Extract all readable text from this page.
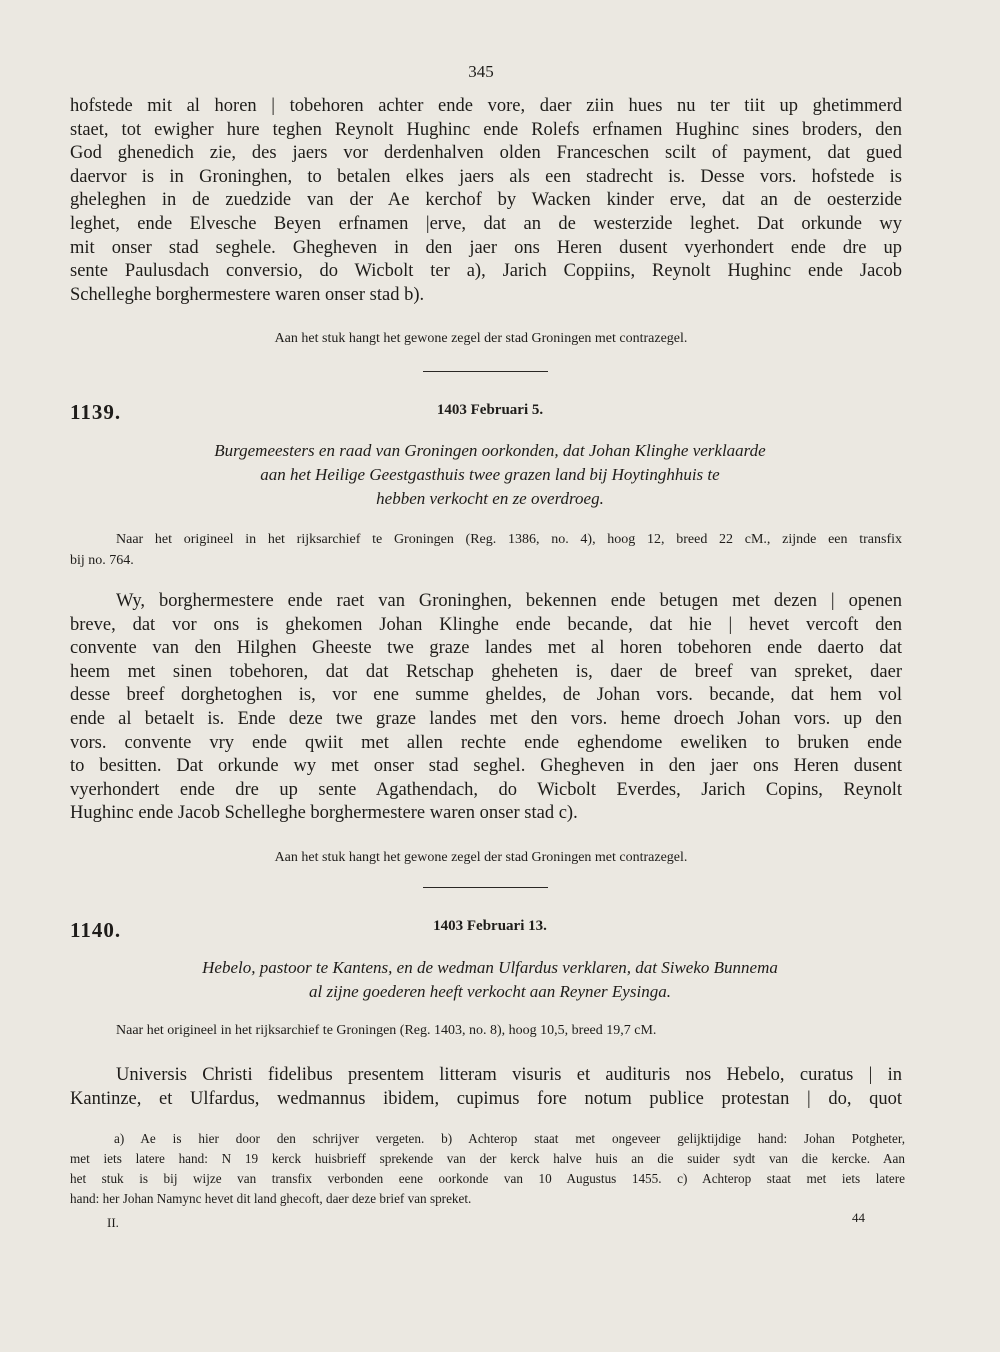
345
hofstede mit al horen | tobehoren achter ende vore, daer ziin hues nu ter tiit up ghetimmerd
staet, tot ewigher hure teghen Reynolt Hughinc ende Rolefs erfnamen Hughinc sines broders, den
God ghenedich zie, des jaers vor derdenhalven olden Franceschen scilt of payment, dat gued
daervor is in Groninghen, to betalen elkes jaers als een stadrecht is. Desse vors. hofstede is
gheleghen in de zuedzide van der Ae kerchof by Wacken kinder erve, dat an de oesterzide
leghet, ende Elvesche Beyen erfnamen |erve, dat an de westerzide leghet. Dat orkunde wy
mit onser stad seghele. Ghegheven in den jaer ons Heren dusent vyerhondert ende dre up
sente Paulusdach conversio, do Wicbolt ter a), Jarich Coppiins, Reynolt Hughinc ende Jacob
Schelleghe borghermestere waren onser stad b).
Aan het stuk hangt het gewone zegel der stad Groningen met contrazegel.
1139.	1403 Februari 5.
Burgemeesters en raad van Groningen oorkonden, dat Johan Klinghe verklaarde
aan het Heilige Geestgasthuis twee grazen land bij Hoytinghhuis te
hebben verkocht en ze overdroeg.
Naar het origineel in het rijksarchief te Groningen (Reg. 1386, no. 4), hoog 12, breed 22 cM., zijnde een transfix
bij no. 764.
Wy, borghermestere ende raet van Groninghen, bekennen ende betugen met dezen | openen
breve, dat vor ons is ghekomen Johan Klinghe ende becande, dat hie | hevet vercoft den
convente van den Hilghen Gheeste twe graze landes met al horen tobehoren ende daerto dat
heem met sinen tobehoren, dat dat Retschap gheheten is, daer de breef van spreket, daer
desse breef dorghetoghen is, vor ene summe gheldes, de Johan vors. becande, dat hem vol
ende al betaelt is. Ende deze twe graze landes met den vors. heme droech Johan vors. up den
vors. convente vry ende qwiit met allen rechte ende eghendome eweliken to bruken ende
to besitten. Dat orkunde wy met onser stad seghel. Ghegheven in den jaer ons Heren dusent
vyerhondert ende dre up sente Agathendach, do Wicbolt Everdes, Jarich Copins, Reynolt
Hughinc ende Jacob Schelleghe borghermestere waren onser stad c).
Aan het stuk hangt het gewone zegel der stad Groningen met contrazegel.
1140.	1403 Februari 13.
Hebelo, pastoor te Kantens, en de wedman Ulfardus verklaren, dat Siweko Bunnema
al zijne goederen heeft verkocht aan Reyner Eysinga.
Naar het origineel in het rijksarchief te Groningen (Reg. 1403, no. 8), hoog 10,5, breed 19,7 cM.
Universis Christi fidelibus presentem litteram visuris et audituris nos Hebelo, curatus | in
Kantinze, et Ulfardus, wedmannus ibidem, cupimus fore notum publice protestan | do, quot
a) Ae is hier door den schrijver vergeten. b) Achterop staat met ongeveer gelijktijdige hand: Johan Potgheter,
met iets latere hand: N 19 kerck huisbrieff sprekende van der kerck halve huis an die suider sydt van die kercke. Aan
het stuk is bij wijze van transfix verbonden eene oorkonde van 10 Augustus 1455. c) Achterop staat met iets latere
hand: her Johan Namync hevet dit land ghecoft, daer deze brief van spreket.
II.	44
